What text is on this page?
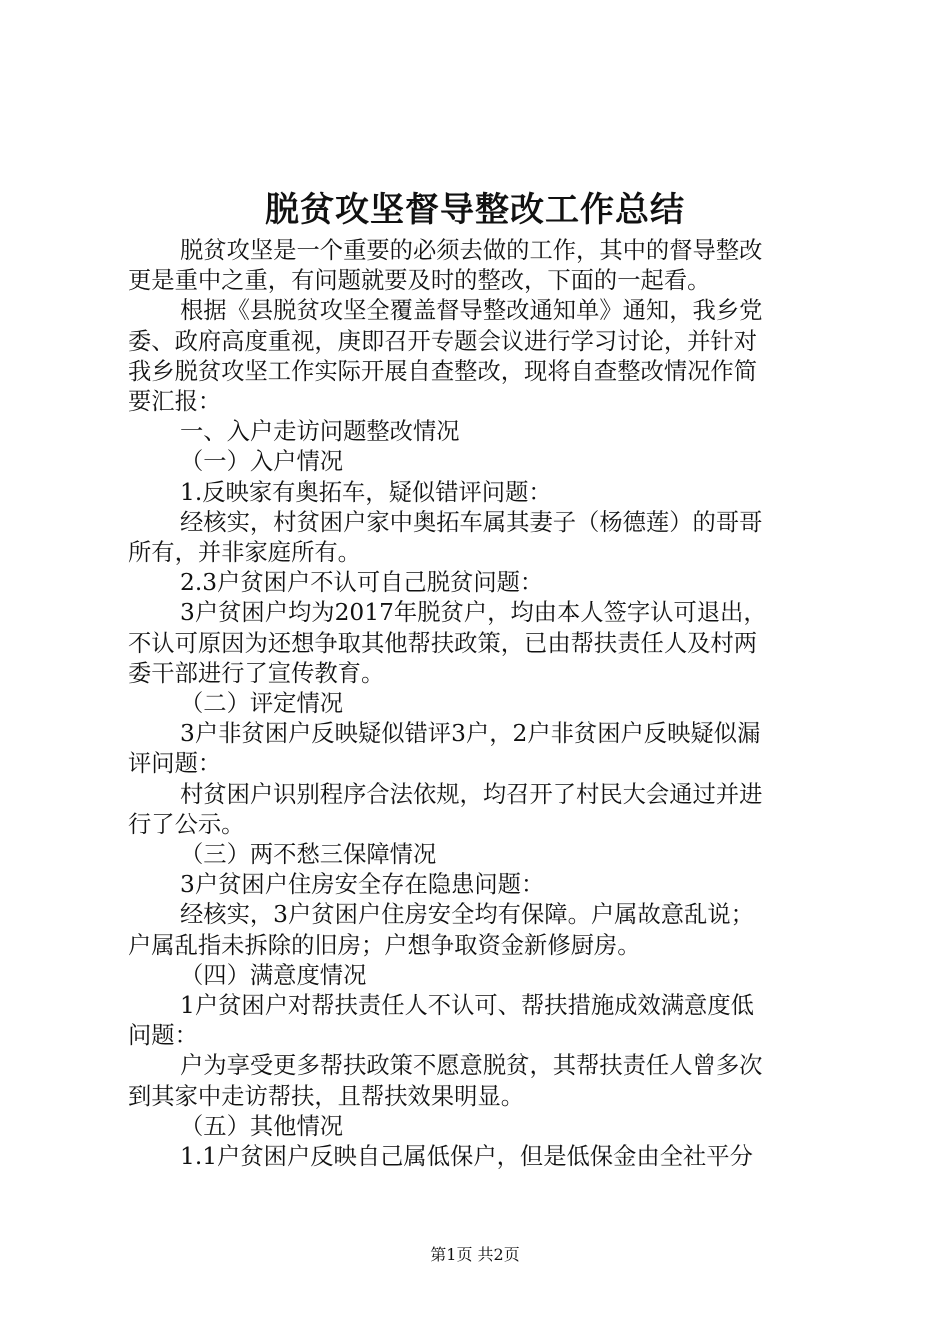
脱贫攻坚督导整改工作总结

脱贫攻坚是一个重要的必须去做的工作，其中的督导整改

更是重中之重，有问题就要及时的整改，下面的一起看。

根据《县脱贫攻坚全覆盖督导整改通知单》通知，我乡党

委、政府高度重视，庚即召开专题会议进行学习讨论，并针对

我乡脱贫攻坚工作实际开展自查整改，现将自查整改情况作简

要汇报：

一、入户走访问题整改情况

（一）入户情况

1.反映家有奥拓车，疑似错评问题：

经核实，村贫困户家中奥拓车属其妻子（杨德莲）的哥哥

所有，并非家庭所有。

2.3户贫困户不认可自己脱贫问题：

3户贫困户均为2017年脱贫户，均由本人签字认可退出，

不认可原因为还想争取其他帮扶政策，已由帮扶责任人及村两

委干部进行了宣传教育。

（二）评定情况

3户非贫困户反映疑似错评3户，2户非贫困户反映疑似漏

评问题：

村贫困户识别程序合法依规，均召开了村民大会通过并进

行了公示。

（三）两不愁三保障情况

3户贫困户住房安全存在隐患问题：

经核实，3户贫困户住房安全均有保障。户属故意乱说；

户属乱指未拆除的旧房；户想争取资金新修厨房。

（四）满意度情况

1户贫困户对帮扶责任人不认可、帮扶措施成效满意度低

问题：

户为享受更多帮扶政策不愿意脱贫，其帮扶责任人曾多次

到其家中走访帮扶，且帮扶效果明显。

（五）其他情况

1.1户贫困户反映自己属低保户，但是低保金由全社平分

第1页 共2页
